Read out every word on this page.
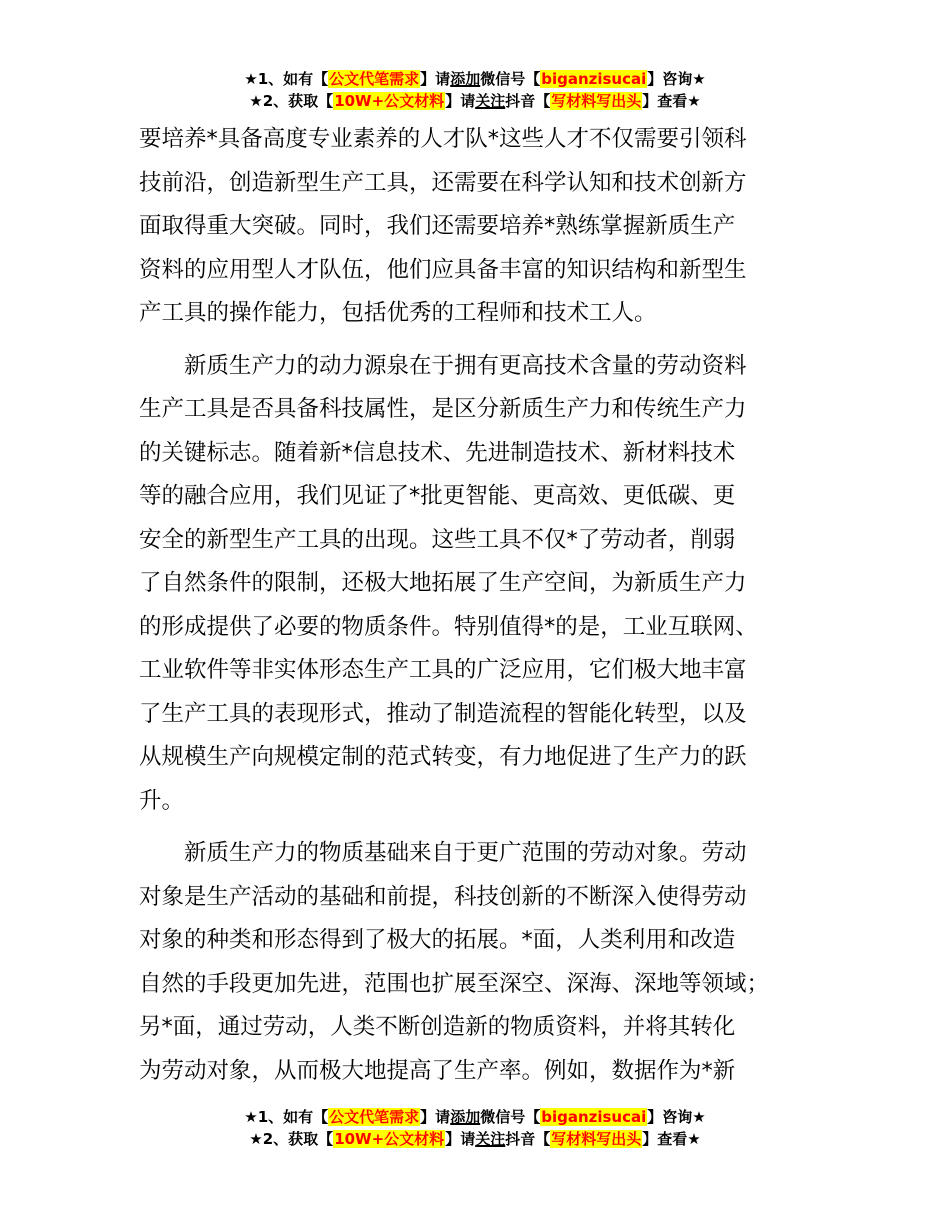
★1、如有【公文代笔需求】请添加微信号【biganzisucai】咨询★
★2、获取【10W+公文材料】请关注抖音【写材料写出头】查看★
要培养*具备高度专业素养的人才队*这些人才不仅需要引领科
技前沿，创造新型生产工具，还需要在科学认知和技术创新方
面取得重大突破。同时，我们还需要培养*熟练掌握新质生产
资料的应用型人才队伍，他们应具备丰富的知识结构和新型生
产工具的操作能力，包括优秀的工程师和技术工人。
　　新质生产力的动力源泉在于拥有更高技术含量的劳动资料
生产工具是否具备科技属性，是区分新质生产力和传统生产力
的关键标志。随着新*信息技术、先进制造技术、新材料技术
等的融合应用，我们见证了*批更智能、更高效、更低碳、更
安全的新型生产工具的出现。这些工具不仅*了劳动者，削弱
了自然条件的限制，还极大地拓展了生产空间，为新质生产力
的形成提供了必要的物质条件。特别值得*的是，工业互联网、
工业软件等非实体形态生产工具的广泛应用，它们极大地丰富
了生产工具的表现形式，推动了制造流程的智能化转型，以及
从规模生产向规模定制的范式转变，有力地促进了生产力的跃
升。
　　新质生产力的物质基础来自于更广范围的劳动对象。劳动
对象是生产活动的基础和前提，科技创新的不断深入使得劳动
对象的种类和形态得到了极大的拓展。*面，人类利用和改造
自然的手段更加先进，范围也扩展至深空、深海、深地等领域；
另*面，通过劳动，人类不断创造新的物质资料，并将其转化
为劳动对象，从而极大地提高了生产率。例如，数据作为*新
★1、如有【公文代笔需求】请添加微信号【biganzisucai】咨询★
★2、获取【10W+公文材料】请关注抖音【写材料写出头】查看★
